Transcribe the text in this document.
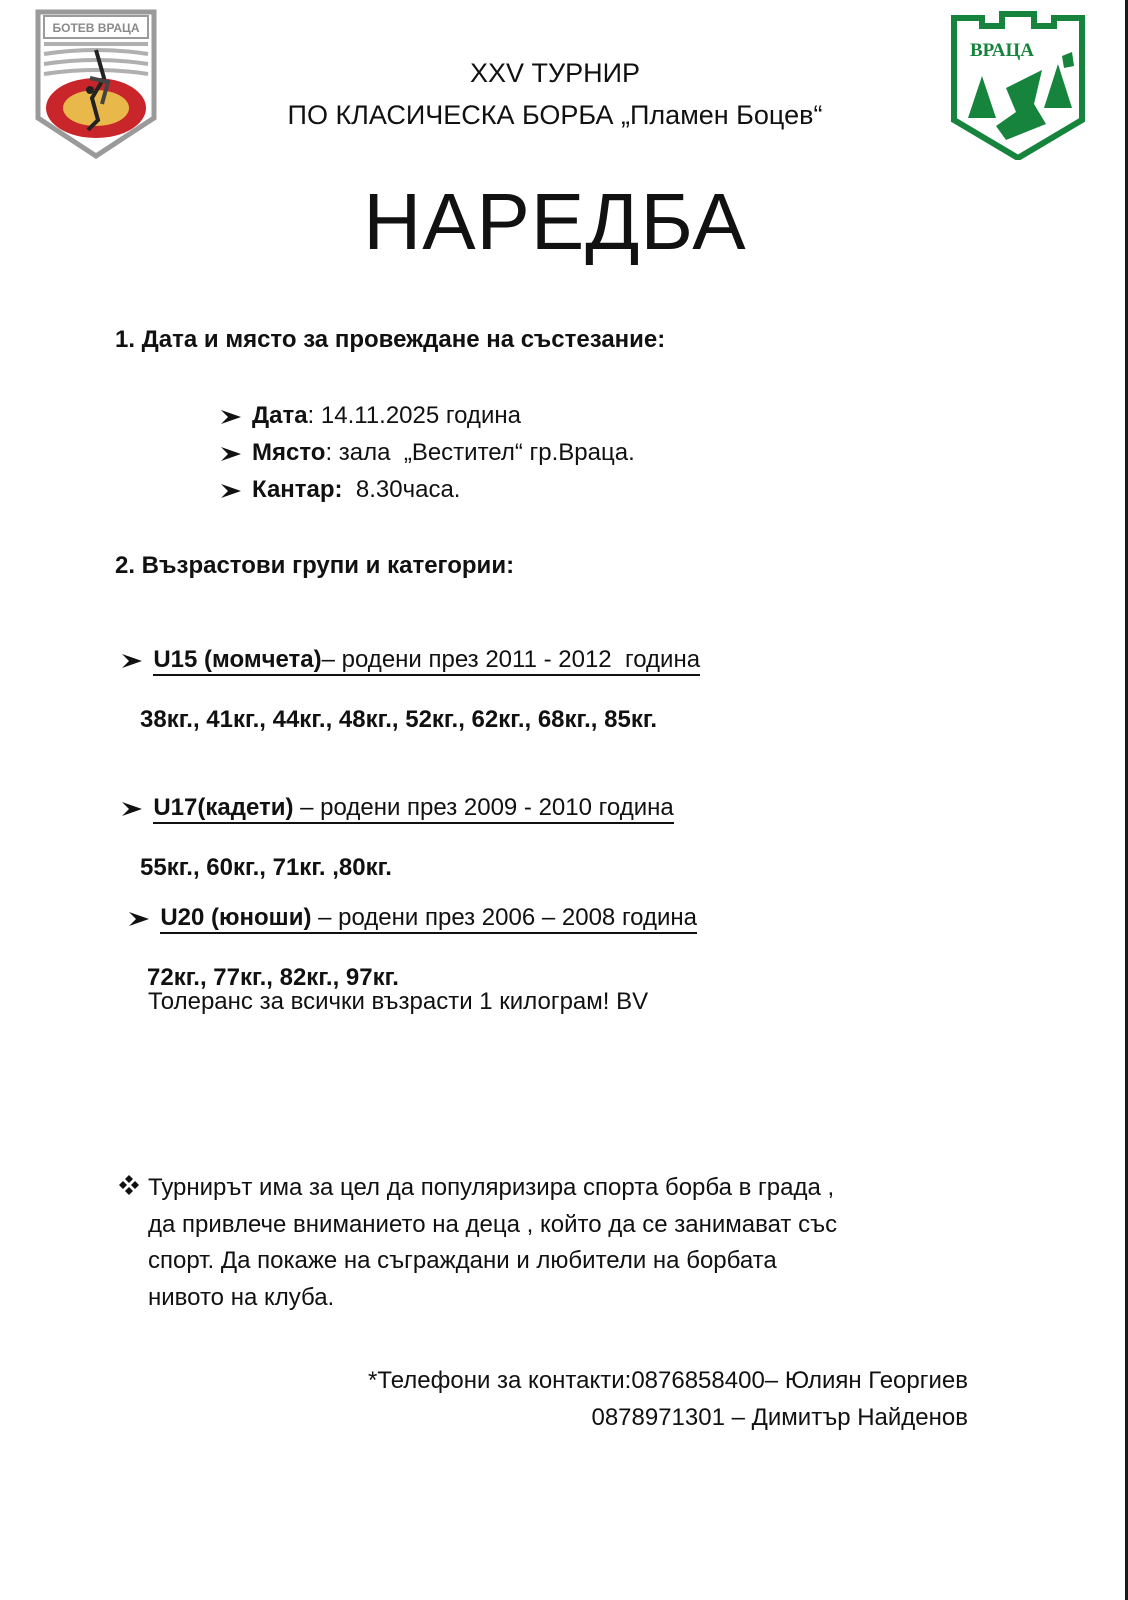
БОТЕВ ВРАЦА
ВРАЦА
XXV ТУРНИР
ПО КЛАСИЧЕСКА БОРБА „Пламен Боцев“
НАРЕДБА
1. Дата и място за провеждане на състезание:
Дата: 14.11.2025 година
Място: зала  „Вестител“ гр.Враца.
Кантар:  8.30часа.
2. Възрастови групи и категории:

U15 (момчета)– родени през 2011 - 2012  година

38кг., 41кг., 44кг., 48кг., 52кг., 62кг., 68кг., 85кг.

U17(кадети) – родени през 2009 - 2010 година

55кг., 60кг., 71кг. ,80кг.

U20 (юноши) – родени през 2006 – 2008 година

72кг., 77кг., 82кг., 97кг.

Толеранс за всички възрасти 1 килограм! BV
Турнирът има за цел да популяризира спорта борба в града ,
да привлече вниманието на деца , който да се занимават със
спорт. Да покаже на съграждани и любители на борбата
нивото на клуба.
*Телефони за контакти:0876858400– Юлиян Георгиев
0878971301 – Димитър Найденов
